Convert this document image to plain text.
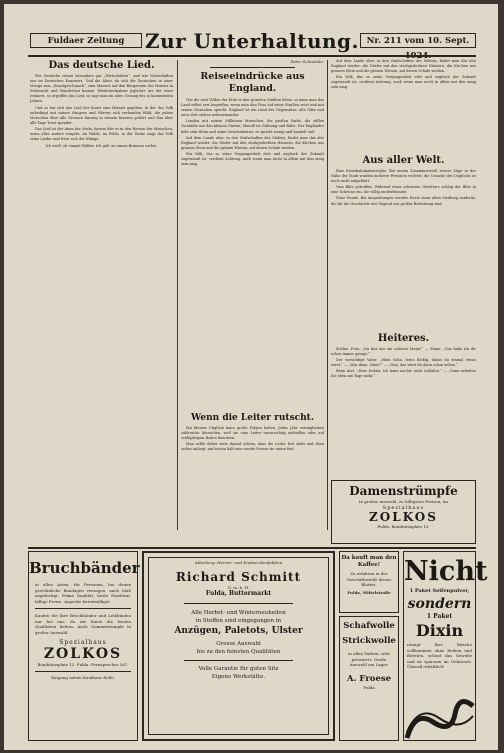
Fuldaer Zeitung	Zur Unterhaltung. Nr. 211 vom 10. Sept.
Das deutsche Lied.

Wie Deutsche reisen besonders gar „Wirtschaften“, und wie Wirtschaften uns im Deutschen Kommerz. Und die Alten, da sich die Deutschen in einer Menge zum „Kunstgeschmack“, zum Mensch auf den Bürgersinn des Heimes in Sehnsucht und Wanderlust kamen. Wiederaufnahme jeglicher Art der ernst erinnert, so ergriffen das Lied, so sagt man im alten Gesang des in kommenden Jahren.

Und so hat sich das Lied der Kunst eine Heimat gegeben, in der das Volk unbedingt mit seinen Sängern und Hörern sich verbunden fühlt, die jedem Menschen über alle Grenzen hinweg in seinem Inneren gehört und ihm über alle Tage Trost spendet.

Das Lied ist der Atem der Seele; darum lebt es in den Herzen der Menschen, wenn alles andere vergeht. Im Walde, im Felde, in der Stube singt das Volk seine Lieder und freut sich der Klänge.

Ich weiß, ob einmal Wälder, Ich geh' an einem Brunnen vorbei.

Peter Schneider.
Reiseeindrücke aus England.

Wie die weit Völker der Erde in den grössten Städten leben, so kann man das Land selbst erst begreifen, wenn man den Fuss auf seine Straßen setzt und mit seinen Menschen spricht. England ist ein Land der Gegensätze, alte Sitte und neue Zeit stehen nebeneinander.

London mit seinen Millionen Menschen, die großen Parks, die stillen Vorstädte mit den kleinen Gärten; überall ist Ordnung und Ruhe. Der Engländer liebt sein Heim und seine Gewohnheiten; er spricht wenig und handelt viel.

Auf dem Lande aber, in den Grafschaften des Südens, findet man das alte England wieder: die Dörfer mit den strohgedeckten Häusern, die Kirchen aus grauem Stein und die grünen Wiesen, auf denen Schafe weiden.

Ein Volk, das so seine Vergangenheit ehrt und zugleich der Zukunft zugewandt ist, verdient Achtung, auch wenn man nicht in allem mit ihm einig sein mag.

Auf dem Lande aber, in den Grafschaften des Südens, findet man das alte England wieder: die Dörfer mit den strohgedeckten Häusern, die Kirchen aus grauem Stein und die grünen Wiesen, auf denen Schafe weiden.

Ein Volk, das so seine Vergangenheit ehrt und zugleich der Zukunft zugewandt ist, verdient Achtung, auch wenn man nicht in allem mit ihm einig sein mag.

Aus aller Welt.

Eine Eisenbahnkatastrophe. Bei einem Zusammenstoß zweier Züge in der Nähe der Stadt wurden mehrere Personen verletzt; die Ursache des Unglücks ist noch nicht aufgeklärt.

Vom Blitz getroffen. Während eines schweren Gewitters schlug der Blitz in eine Scheune ein, die völlig niederbrannte.

Neue Funde. Bei Ausgrabungen wurden Reste einer alten Siedlung entdeckt, die für die Geschichte der Gegend von großer Bedeutung sind.

Heiteres.

Schlau. Frau: „Du bist mir ein schöner Mann!“ — Mann: „Das habe ich dir schon immer gesagt.“

Der vorsichtige Vater. „Mein Sohn, lerne fleißig, damit du einmal etwas wirst.“ — „Was denn, Vater?“ — „Nun, das wirst du dann schon sehen.“

Beim Arzt. „Herr Doktor, ich kann nachts nicht schlafen.“ — „Dann arbeiten Sie eben am Tage mehr.“

Wenn die Leiter rutscht.

Ein kleines Unglück kann große Folgen haben. Jedes Jahr verunglücken zahlreiche Menschen, weil sie eine Leiter unvorsichtig aufstellen oder auf schlüpfrigem Boden benutzen.

Man sollte daher stets darauf achten, dass die Leiter fest steht und oben sicher anliegt; am besten hält eine zweite Person sie unten fest.

Damenstrümpfe
in großer Auswahl, zu billigsten Preisen, im
Spezialhaus
ZOLKOS
Fulda, Bonifatiusplatz 13.
Bruchbänder
in allen Arten, für Personen, bei denen gewöhnliche Bandagen versagen, nach Maß angefertigt. Prima Qualität, beste Passform, billige Preise. Anprobe bereitwilligst.
Kaufen Sie Ihre Bruchbänder und Leibbinden nur bei uns, da wir Ihnen die besten Qualitäten liefern. Auch Gummistrümpfe in großer Auswahl.
Spezialhaus
ZOLKOS
Bonifatiusplatz 13. Fulda. Fernsprecher 367.
Eingang neben Kaufhaus Rolle.
Abteilung: Herren- und Knaben-Konfektion
Richard Schmitt
G. m. b. H.
Fulda, Buttermarkt
Alle Herbst- und Winterneuheiten
in Stoffen sind eingegangen in
Anzügen, Paletots, Ulster
Grosse Auswahl
bis zu den feinsten Qualitäten
Volle Garantie für guten Sitz
Eigene Werkstätte.
Da kauft man den Kaffee!
Zu erfahren in der Geschäftsstelle dieses Blattes.
Fulda, Mittelstraße
Schafwolle
Strickwolle
in allen Farben, sehr preiswert. Große Auswahl am Lager.
A. Froese
Fulda
Nicht
1 Paket Seifenpulver,
sondern
1 Paket
Dixin
reinigt Ihre Wäsche vollkommen ohne Reiben und Bürsten, schont das Gewebe und ist sparsam im Gebrauch. Überall erhältlich!
